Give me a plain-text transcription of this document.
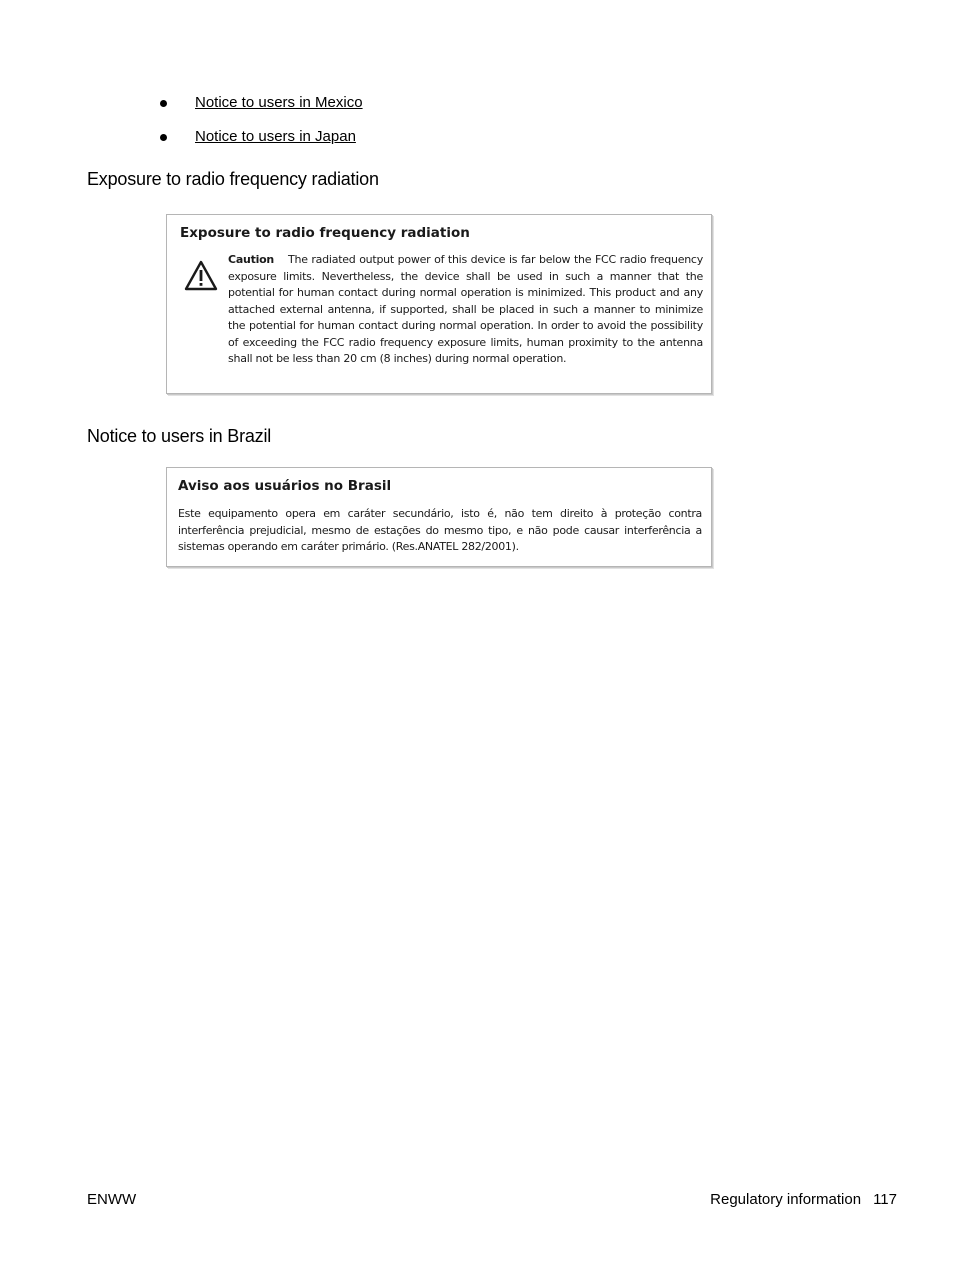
Notice to users in Mexico
Notice to users in Japan
Exposure to radio frequency radiation
Exposure to radio frequency radiation
Caution The radiated output power of this device is far below the FCC radio frequency exposure limits. Nevertheless, the device shall be used in such a manner that the potential for human contact during normal operation is minimized. This product and any attached external antenna, if supported, shall be placed in such a manner to minimize the potential for human contact during normal operation. In order to avoid the possibility of exceeding the FCC radio frequency exposure limits, human proximity to the antenna shall not be less than 20 cm (8 inches) during normal operation.
Notice to users in Brazil
Aviso aos usuários no Brasil
Este equipamento opera em caráter secundário, isto é, não tem direito à proteção contra interferência prejudicial, mesmo de estações do mesmo tipo, e não pode causar interferência a sistemas operando em caráter primário. (Res.ANATEL 282/2001).
ENWW	Regulatory information 117
